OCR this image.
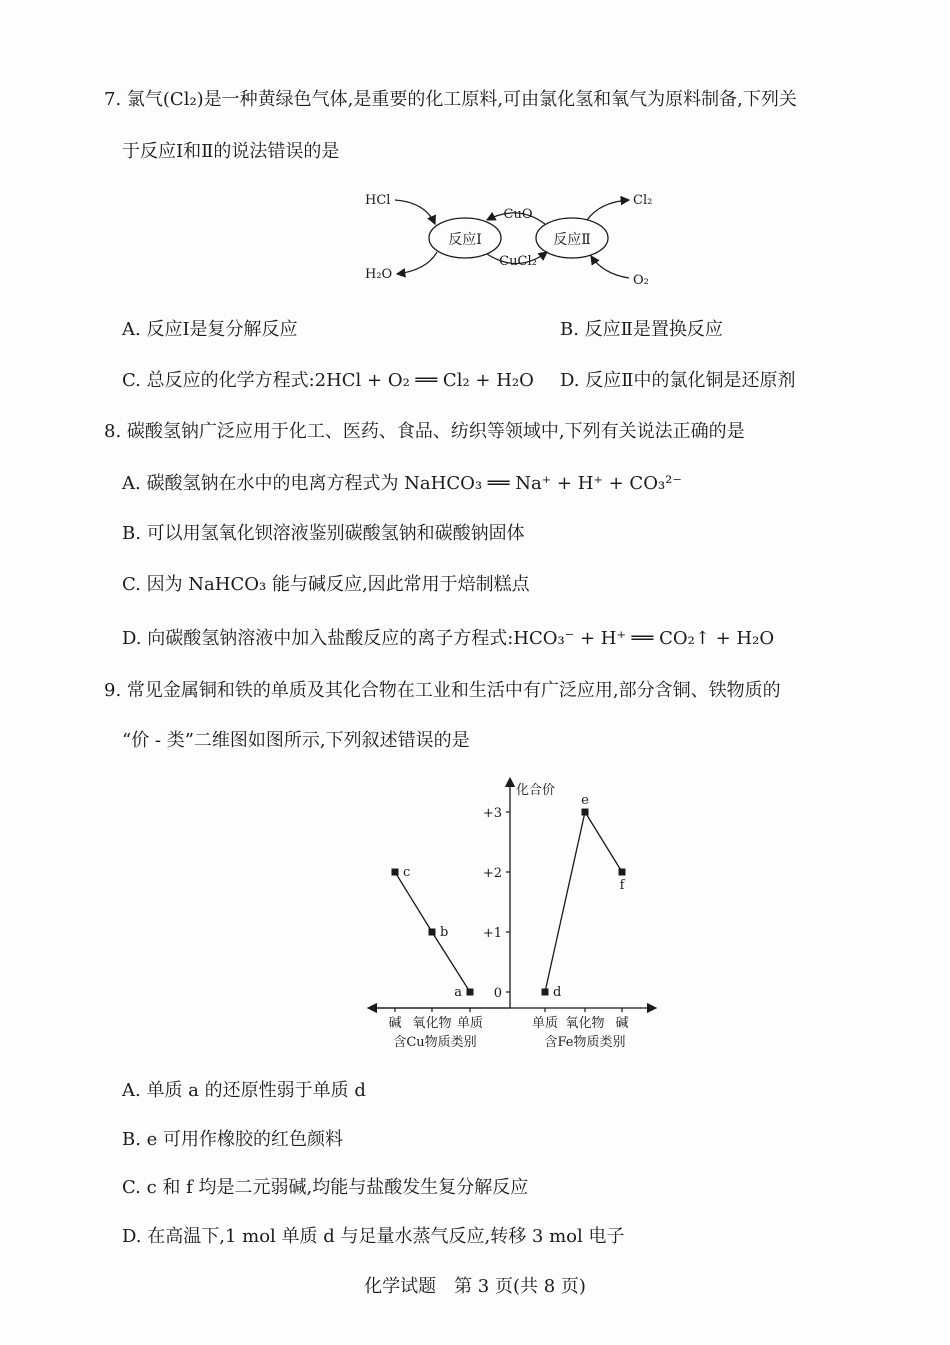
7. 氯气(Cl₂)是一种黄绿色气体,是重要的化工原料,可由氯化氢和氧气为原料制备,下列关
于反应Ⅰ和Ⅱ的说法错误的是
反应Ⅰ	反应Ⅱ
HCl
H₂O
Cl₂
O₂
CuO
CuCl₂
A. 反应Ⅰ是复分解反应	B. 反应Ⅱ是置换反应
C. 总反应的化学方程式:2HCl + O₂ ══ Cl₂ + H₂O D. 反应Ⅱ中的氯化铜是还原剂
8. 碳酸氢钠广泛应用于化工、医药、食品、纺织等领域中,下列有关说法正确的是
A. 碳酸氢钠在水中的电离方程式为 NaHCO₃ ══ Na⁺ + H⁺ + CO₃²⁻
B. 可以用氢氧化钡溶液鉴别碳酸氢钠和碳酸钠固体
C. 因为 NaHCO₃ 能与碱反应,因此常用于焙制糕点
D. 向碳酸氢钠溶液中加入盐酸反应的离子方程式:HCO₃⁻ + H⁺ ══ CO₂↑ + H₂O
9. 常见金属铜和铁的单质及其化合物在工业和生活中有广泛应用,部分含铜、铁物质的
“价 - 类”二维图如图所示,下列叙述错误的是
化合价
+3
+2
+1
0
碱 氧化物 单质	单质 氧化物 碱
c
b
a	d
e
f
含Cu物质类别	含Fe物质类别
A. 单质 a 的还原性弱于单质 d
B. e 可用作橡胶的红色颜料
C. c 和 f 均是二元弱碱,均能与盐酸发生复分解反应
D. 在高温下,1 mol 单质 d 与足量水蒸气反应,转移 3 mol 电子
化学试题　第 3 页(共 8 页)
